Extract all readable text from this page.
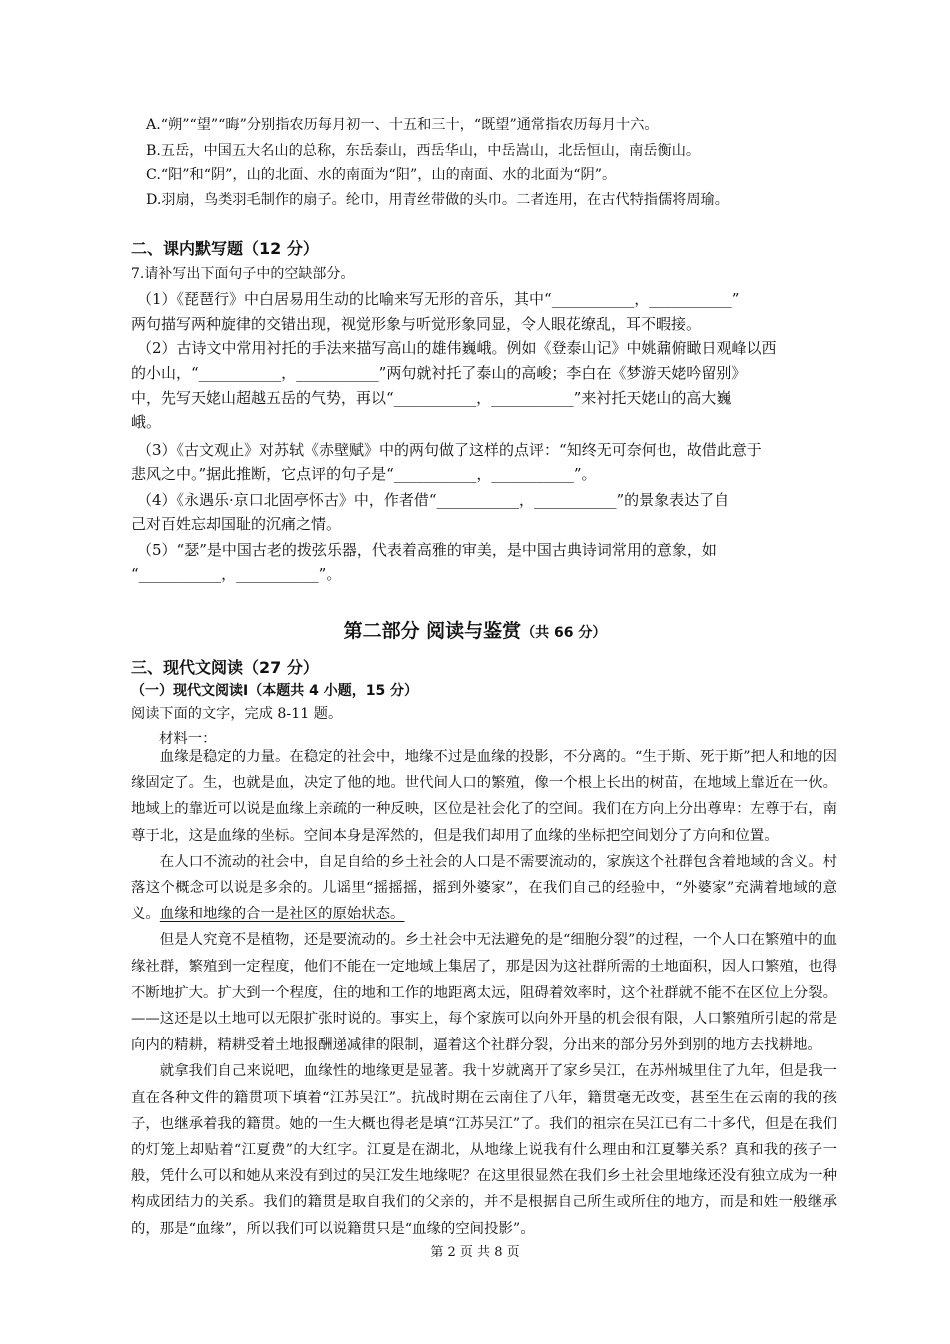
A.“朔”“望”“晦”分别指农历每月初一、十五和三十，“既望”通常指农历每月十六。
B.五岳，中国五大名山的总称，东岳泰山，西岳华山，中岳嵩山，北岳恒山，南岳衡山。
C.“阳”和“阴”，山的北面、水的南面为“阳”，山的南面、水的北面为“阴”。
D.羽扇，鸟类羽毛制作的扇子。纶巾，用青丝带做的头巾。二者连用，在古代特指儒将周瑜。
二、课内默写题（12 分）
7.请补写出下面句子中的空缺部分。
（1）《琵琶行》中白居易用生动的比喻来写无形的音乐，其中“___________，___________”
两句描写两种旋律的交错出现，视觉形象与听觉形象同显，令人眼花缭乱，耳不暇接。
（2）古诗文中常用衬托的手法来描写高山的雄伟巍峨。例如《登泰山记》中姚鼐俯瞰日观峰以西
的小山，“___________，___________”两句就衬托了泰山的高峻；李白在《梦游天姥吟留别》
中，先写天姥山超越五岳的气势，再以“___________，___________”来衬托天姥山的高大巍
峨。
（3）《古文观止》对苏轼《赤壁赋》中的两句做了这样的点评：“知终无可奈何也，故借此意于
悲风之中。”据此推断，它点评的句子是“___________，___________”。
（4）《永遇乐·京口北固亭怀古》中，作者借“___________，___________”的景象表达了自
己对百姓忘却国耻的沉痛之情。
（5）“瑟”是中国古老的拨弦乐器，代表着高雅的审美，是中国古典诗词常用的意象，如
“___________，___________”。
第二部分 阅读与鉴赏（共 66 分）
三、现代文阅读（27 分）
（一）现代文阅读Ⅰ（本题共 4 小题，15 分）
阅读下面的文字，完成 8-11 题。
材料一：

血缘是稳定的力量。在稳定的社会中，地缘不过是血缘的投影，不分离的。“生于斯、死于斯”把人和地的因缘固定了。生，也就是血，决定了他的地。世代间人口的繁殖，像一个根上长出的树苗，在地域上靠近在一伙。地域上的靠近可以说是血缘上亲疏的一种反映，区位是社会化了的空间。我们在方向上分出尊卑：左尊于右，南尊于北，这是血缘的坐标。空间本身是浑然的，但是我们却用了血缘的坐标把空间划分了方向和位置。

在人口不流动的社会中，自足自给的乡土社会的人口是不需要流动的，家族这个社群包含着地域的含义。村落这个概念可以说是多余的。儿谣里“摇摇摇，摇到外婆家”，在我们自己的经验中，“外婆家”充满着地域的意义。血缘和地缘的合一是社区的原始状态。

但是人究竟不是植物，还是要流动的。乡土社会中无法避免的是“细胞分裂”的过程，一个人口在繁殖中的血缘社群，繁殖到一定程度，他们不能在一定地域上集居了，那是因为这社群所需的土地面积，因人口繁殖，也得不断地扩大。扩大到一个程度，住的地和工作的地距离太远，阻碍着效率时，这个社群就不能不在区位上分裂。——这还是以土地可以无限扩张时说的。事实上，每个家族可以向外开垦的机会很有限，人口繁殖所引起的常是向内的精耕，精耕受着土地报酬递减律的限制，逼着这个社群分裂，分出来的部分另外到别的地方去找耕地。

就拿我们自己来说吧，血缘性的地缘更是显著。我十岁就离开了家乡吴江，在苏州城里住了九年，但是我一直在各种文件的籍贯项下填着“江苏吴江”。抗战时期在云南住了八年，籍贯毫无改变，甚至生在云南的我的孩子，也继承着我的籍贯。她的一生大概也得老是填“江苏吴江”了。我们的祖宗在吴江已有二十多代，但是在我们的灯笼上却贴着“江夏费”的大红字。江夏是在湖北，从地缘上说我有什么理由和江夏攀关系？真和我的孩子一般，凭什么可以和她从来没有到过的吴江发生地缘呢？在这里很显然在我们乡土社会里地缘还没有独立成为一种构成团结力的关系。我们的籍贯是取自我们的父亲的，并不是根据自己所生或所住的地方，而是和姓一般继承的，那是“血缘”，所以我们可以说籍贯只是“血缘的空间投影”。

第 2 页 共 8 页
